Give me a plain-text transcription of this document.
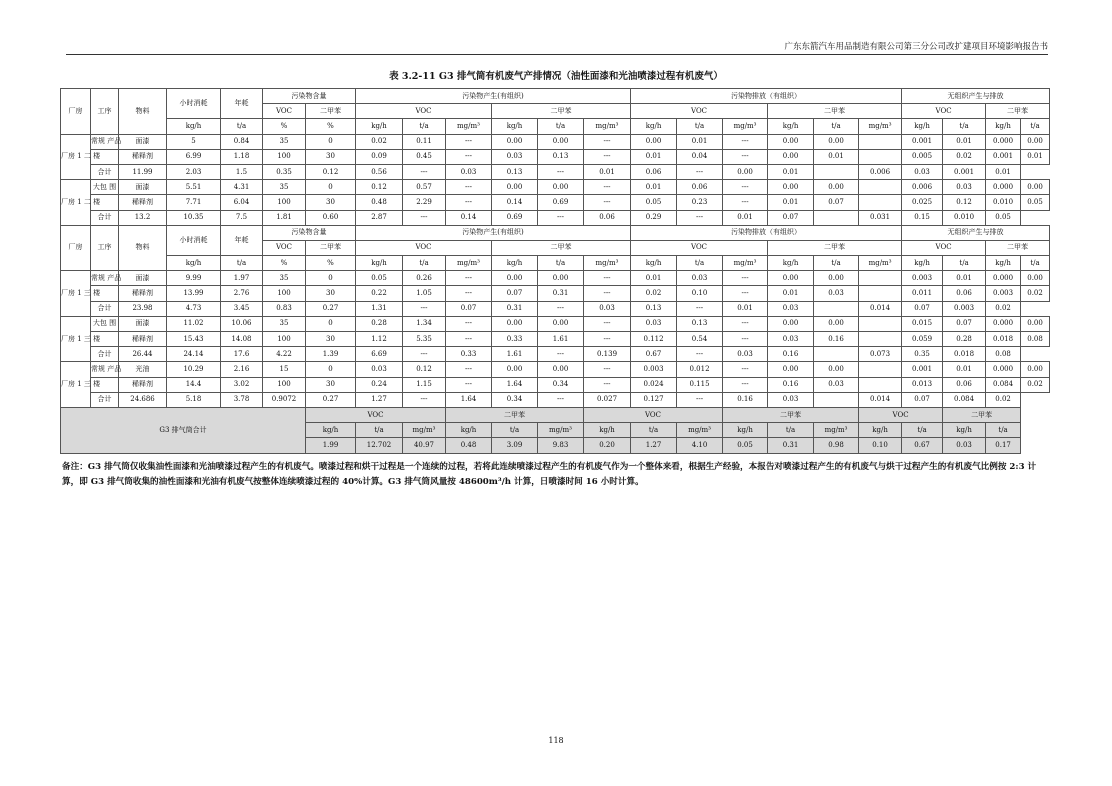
广东东箭汽车用品制造有限公司第三分公司改扩建项目环境影响报告书
表 3.2-11 G3 排气筒有机废气产排情况（油性面漆和光油喷漆过程有机废气）
厂房	工序	物料	小时消耗	年耗	污染物含量		污染物产生(有组织)						污染物排放（有组织）						无组织产生与排放			
					VOC	二甲苯	VOC			二甲苯			VOC			二甲苯			VOC		二甲苯	
			kg/h	t/a	%	%	kg/h	t/a	mg/m³	kg/h	t/a	mg/m³	kg/h	t/a	mg/m³	kg/h	t/a	mg/m³	kg/h	t/a	kg/h	t/a
厂房 1 二 楼	常规 产品	面漆	5	0.84	35	0	0.02	0.11	---	0.00	0.00	---	0.00	0.01	---	0.00	0.00		0.001	0.01	0.000	0.00
		稀释剂	6.99	1.18	100	30	0.09	0.45	---	0.03	0.13	---	0.01	0.04	---	0.00	0.01		0.005	0.02	0.001	0.01
	合计	11.99	2.03	1.5	0.35	0.12	0.56	---	0.03	0.13	---	0.01	0.06	---	0.00	0.01		0.006	0.03	0.001	0.01	
厂房 1 二 楼	大包 围	面漆	5.51	4.31	35	0	0.12	0.57	---	0.00	0.00	---	0.01	0.06	---	0.00	0.00		0.006	0.03	0.000	0.00
		稀释剂	7.71	6.04	100	30	0.48	2.29	---	0.14	0.69	---	0.05	0.23	---	0.01	0.07		0.025	0.12	0.010	0.05
	合计	13.2	10.35	7.5	1.81	0.60	2.87	---	0.14	0.69	---	0.06	0.29	---	0.01	0.07		0.031	0.15	0.010	0.05	
厂房	工序	物料	小时消耗	年耗	污染物含量		污染物产生(有组织)						污染物排放（有组织）						无组织产生与排放			
					VOC	二甲苯	VOC			二甲苯			VOC			二甲苯			VOC		二甲苯	
			kg/h	t/a	%	%	kg/h	t/a	mg/m³	kg/h	t/a	mg/m³	kg/h	t/a	mg/m³	kg/h	t/a	mg/m³	kg/h	t/a	kg/h	t/a
厂房 1 三 楼	常规 产品	面漆	9.99	1.97	35	0	0.05	0.26	---	0.00	0.00	---	0.01	0.03	---	0.00	0.00		0.003	0.01	0.000	0.00
		稀释剂	13.99	2.76	100	30	0.22	1.05	---	0.07	0.31	---	0.02	0.10	---	0.01	0.03		0.011	0.06	0.003	0.02
	合计	23.98	4.73	3.45	0.83	0.27	1.31	---	0.07	0.31	---	0.03	0.13	---	0.01	0.03		0.014	0.07	0.003	0.02	
厂房 1 三 楼	大包 围	面漆	11.02	10.06	35	0	0.28	1.34	---	0.00	0.00	---	0.03	0.13	---	0.00	0.00		0.015	0.07	0.000	0.00
		稀释剂	15.43	14.08	100	30	1.12	5.35	---	0.33	1.61	---	0.112	0.54	---	0.03	0.16		0.059	0.28	0.018	0.08
	合计	26.44	24.14	17.6	4.22	1.39	6.69	---	0.33	1.61	---	0.139	0.67	---	0.03	0.16		0.073	0.35	0.018	0.08	
厂房 1 三 楼	常规 产品	光油	10.29	2.16	15	0	0.03	0.12	---	0.00	0.00	---	0.003	0.012	---	0.00	0.00		0.001	0.01	0.000	0.00
		稀释剂	14.4	3.02	100	30	0.24	1.15	---	1.64	0.34	---	0.024	0.115	---	0.16	0.03		0.013	0.06	0.084	0.02
	合计	24.686	5.18	3.78	0.9072	0.27	1.27	---	1.64	0.34	---	0.027	0.127	---	0.16	0.03		0.014	0.07	0.084	0.02	
G3 排气筒合计						VOC			二甲苯			VOC			二甲苯			VOC		二甲苯		
						kg/h	t/a	mg/m³	kg/h	t/a	mg/m³	kg/h	t/a	mg/m³	kg/h	t/a	mg/m³	kg/h	t/a	kg/h	t/a	
						1.99	12.702	40.97	0.48	3.09	9.83	0.20	1.27	4.10	0.05	0.31	0.98	0.10	0.67	0.03	0.17	
备注：G3 排气筒仅收集油性面漆和光油喷漆过程产生的有机废气。喷漆过程和烘干过程是一个连续的过程，若将此连续喷漆过程产生的有机废气作为一个整体来看，根据生产经验，本报告对喷漆过程产生的有机废气与烘干过程产生的有机废气比例按 2:3 计算，即 G3 排气筒收集的油性面漆和光油有机废气按整体连续喷漆过程的 40%计算。G3 排气筒风量按 48600m³/h 计算，日喷漆时间 16 小时计算。
118
